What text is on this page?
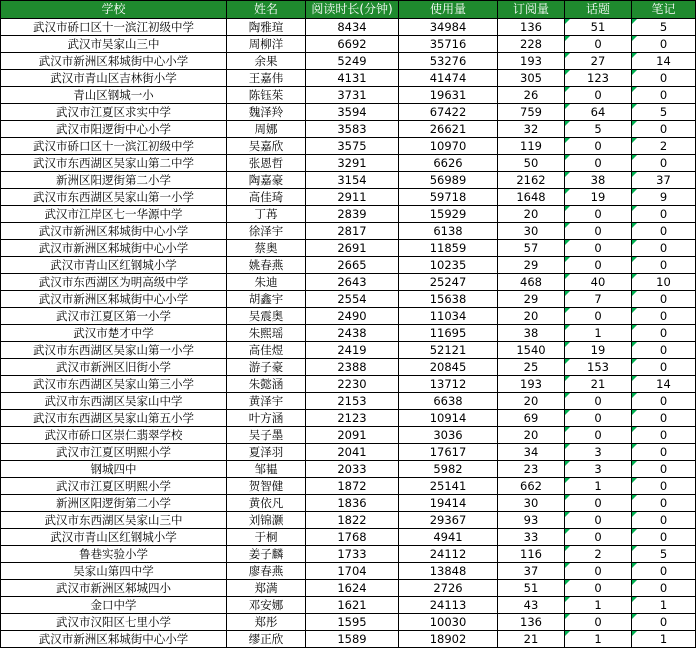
学校	姓名	阅读时长(分钟)	使用量	订阅量	话题	笔记
武汉市硚口区十一滨江初级中学	陶雅瑄	8434	34984	136	51	5
武汉市吴家山三中	周柳洋	6692	35716	228	0	0
武汉市新洲区邾城街中心小学	余果	5249	53276	193	27	14
武汉市青山区吉林街小学	王嘉伟	4131	41474	305	123	0
青山区钢城一小	陈钰茱	3731	19631	26	0	0
武汉市江夏区求实中学	魏泽羚	3594	67422	759	64	5
武汉市阳逻街中心小学	周娜	3583	26621	32	5	0
武汉市硚口区十一滨江初级中学	吴嘉欣	3575	10970	119	0	2
武汉市东西湖区吴家山第二中学	张恩哲	3291	6626	50	0	0
新洲区阳逻街第二小学	陶嘉豪	3154	56989	2162	38	37
武汉市东西湖区吴家山第一小学	高佳琦	2911	59718	1648	19	9
武汉市江岸区七一华源中学	丁苒	2839	15929	20	0	0
武汉市新洲区邾城街中心小学	徐泽宇	2817	6138	30	0	0
武汉市新洲区邾城街中心小学	蔡奥	2691	11859	57	0	0
武汉市青山区红钢城小学	姚春燕	2665	10235	29	0	0
武汉市东西湖区为明高级中学	朱迪	2643	25247	468	40	10
武汉市新洲区邾城街中心小学	胡鑫宇	2554	15638	29	7	0
武汉市江夏区第一小学	吴震奥	2490	11034	20	0	0
武汉市楚才中学	朱熙瑶	2438	11695	38	1	0
武汉市东西湖区吴家山第一小学	高佳煜	2419	52121	1540	19	0
武汉市新洲区旧街小学	游子豪	2388	20845	25	153	0
武汉市东西湖区吴家山第三小学	朱懿涵	2230	13712	193	21	14
武汉市东西湖区吴家山中学	黄泽宇	2153	6638	20	0	0
武汉市东西湖区吴家山第五小学	叶方涵	2123	10914	69	0	0
武汉市硚口区崇仁翡翠学校	吴子墨	2091	3036	20	0	0
武汉市江夏区明熙小学	夏泽羽	2041	17617	34	3	0
钢城四中	邹韫	2033	5982	23	3	0
武汉市江夏区明熙小学	贺智健	1872	25141	662	1	0
新洲区阳逻街第二小学	黄依凡	1836	19414	30	0	0
武汉市东西湖区吴家山三中	刘锦灏	1822	29367	93	0	0
武汉市青山区红钢城小学	于桐	1768	4941	33	0	0
鲁巷实验小学	姜子麟	1733	24112	116	2	5
吴家山第四中学	廖春燕	1704	13848	37	0	0
武汉市新洲区邾城四小	郑满	1624	2726	51	0	0
金口中学	邓安娜	1621	24113	43	1	1
武汉市汉阳区七里小学	郑彤	1595	10030	136	0	0
武汉市新洲区邾城街中心小学	缪正欣	1589	18902	21	1	1
